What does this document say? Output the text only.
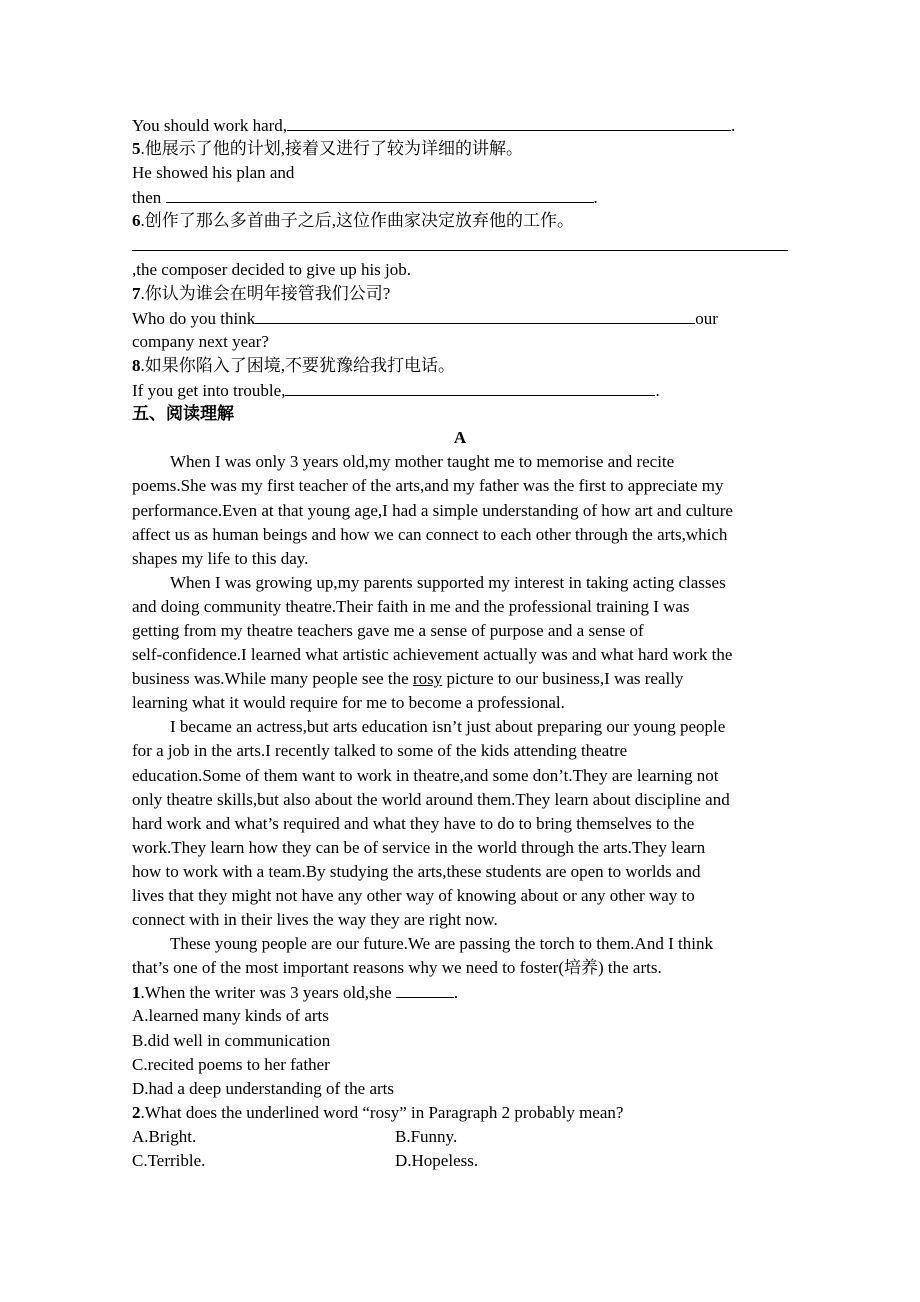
You should work hard,	.
5.他展示了他的计划,接着又进行了较为详细的讲解。
He showed his plan and
then	.
6.创作了那么多首曲子之后,这位作曲家决定放弃他的工作。
,the composer decided to give up his job.
7.你认为谁会在明年接管我们公司?
Who do you think	our
company next year?
8.如果你陷入了困境,不要犹豫给我打电话。
If you get into trouble,	.
五、阅读理解
A
When I was only 3 years old,my mother taught me to memorise and recite
poems.She was my first teacher of the arts,and my father was the first to appreciate my
performance.Even at that young age,I had a simple understanding of how art and culture
affect us as human beings and how we can connect to each other through the arts,which
shapes my life to this day.
When I was growing up,my parents supported my interest in taking acting classes
and doing community theatre.Their faith in me and the professional training I was
getting from my theatre teachers gave me a sense of purpose and a sense of
self-confidence.I learned what artistic achievement actually was and what hard work the
business was.While many people see the rosy picture to our business,I was really
learning what it would require for me to become a professional.
I became an actress,but arts education isn’t just about preparing our young people
for a job in the arts.I recently talked to some of the kids attending theatre
education.Some of them want to work in theatre,and some don’t.They are learning not
only theatre skills,but also about the world around them.They learn about discipline and
hard work and what’s required and what they have to do to bring themselves to the
work.They learn how they can be of service in the world through the arts.They learn
how to work with a team.By studying the arts,these students are open to worlds and
lives that they might not have any other way of knowing about or any other way to
connect with in their lives the way they are right now.
These young people are our future.We are passing the torch to them.And I think
that’s one of the most important reasons why we need to foster(培养) the arts.
1.When the writer was 3 years old,she	.
A.learned many kinds of arts
B.did well in communication
C.recited poems to her father
D.had a deep understanding of the arts
2.What does the underlined word “rosy” in Paragraph 2 probably mean?
A.Bright.	B.Funny.
C.Terrible.	D.Hopeless.
